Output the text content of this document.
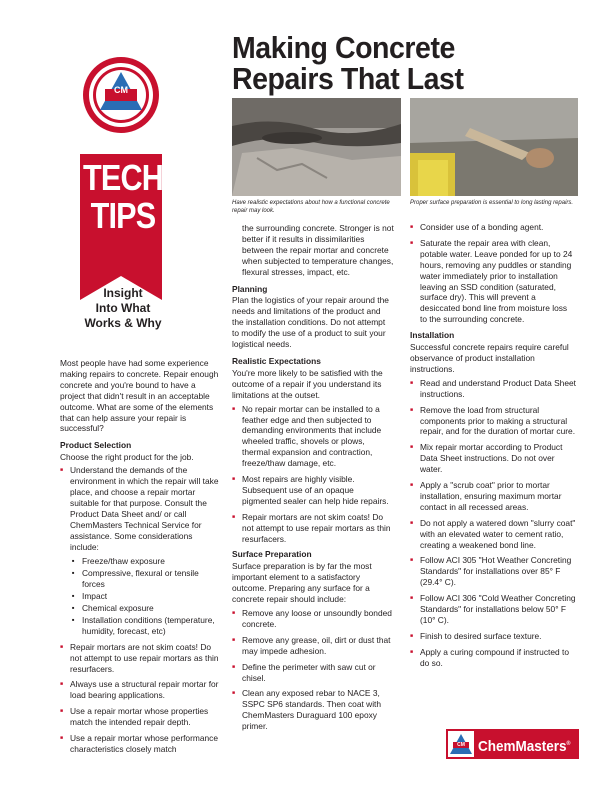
CM
TECH
TIPS
Insight
Into What
Works & Why
Making Concrete
Repairs That Last
Have realistic expectations about how a functional concrete repair may look.
Proper surface preparation is essential to long lasting repairs.

Most people have had some experience making repairs to concrete. Repair enough concrete and you're bound to have a project that didn't result in an acceptable outcome. What are some of the elements that can help assure your repair is successful?

Product Selection

Choose the right product for the job.

■ Understand the demands of the environment in which the repair will take place, and choose a repair mortar suitable for that purpose. Consult the Product Data Sheet and/ or call ChemMasters Technical Service for assistance. Some considerations include:
■ Freeze/thaw exposure
■ Compressive, flexural or tensile forces
■ Impact
■ Chemical exposure
■ Installation conditions (temperature, humidity, forecast, etc)
■ Repair mortars are not skim coats! Do not attempt to use repair mortars as thin resurfacers.
■ Always use a structural repair mortar for load bearing applications.
■ Use a repair mortar whose properties match the intended repair depth.
■ Use a repair mortar whose performance characteristics closely match

the surrounding concrete. Stronger is not better if it results in dissimilarities between the repair mortar and concrete when subjected to temperature changes, flexural stresses, impact, etc.

Planning

Plan the logistics of your repair around the needs and limitations of the product and the installation conditions. Do not attempt to modify the use of a product to suit your logistical needs.

Realistic Expectations

You're more likely to be satisfied with the outcome of a repair if you understand its limitations at the outset.

■ No repair mortar can be installed to a feather edge and then subjected to demanding environments that include wheeled traffic, shovels or plows, thermal expansion and contraction, freeze/thaw damage, etc.
■ Most repairs are highly visible. Subsequent use of an opaque pigmented sealer can help hide repairs.
■ Repair mortars are not skim coats! Do not attempt to use repair mortars as thin resurfacers.
Surface Preparation

Surface preparation is by far the most important element to a satisfactory outcome. Preparing any surface for a concrete repair should include:

■ Remove any loose or unsoundly bonded concrete.
■ Remove any grease, oil, dirt or dust that may impede adhesion.
■ Define the perimeter with saw cut or chisel.
■ Clean any exposed rebar to NACE 3, SSPC SP6 standards. Then coat with ChemMasters Duraguard 100 epoxy primer.
■ Consider use of a bonding agent.
■ Saturate the repair area with clean, potable water. Leave ponded for up to 24 hours, removing any puddles or standing water immediately prior to installation leaving an SSD condition (saturated, surface dry). This will prevent a desiccated bond line from moisture loss to the surrounding concrete.
Installation

Successful concrete repairs require careful observance of product installation instructions.

■ Read and understand Product Data Sheet instructions.
■ Remove the load from structural components prior to making a structural repair, and for the duration of mortar cure.
■ Mix repair mortar according to Product Data Sheet instructions. Do not over water.
■ Apply a "scrub coat" prior to mortar installation, ensuring maximum mortar contact in all recessed areas.
■ Do not apply a watered down "slurry coat" with an elevated water to cement ratio, creating a weakened bond line.
■ Follow ACI 305 "Hot Weather Concreting Standards" for installations over 85° F (29.4° C).
■ Follow ACI 306 "Cold Weather Concreting Standards" for installations below 50° F (10° C).
■ Finish to desired surface texture.
■ Apply a curing compound if instructed to do so.
CM ChemMasters®
